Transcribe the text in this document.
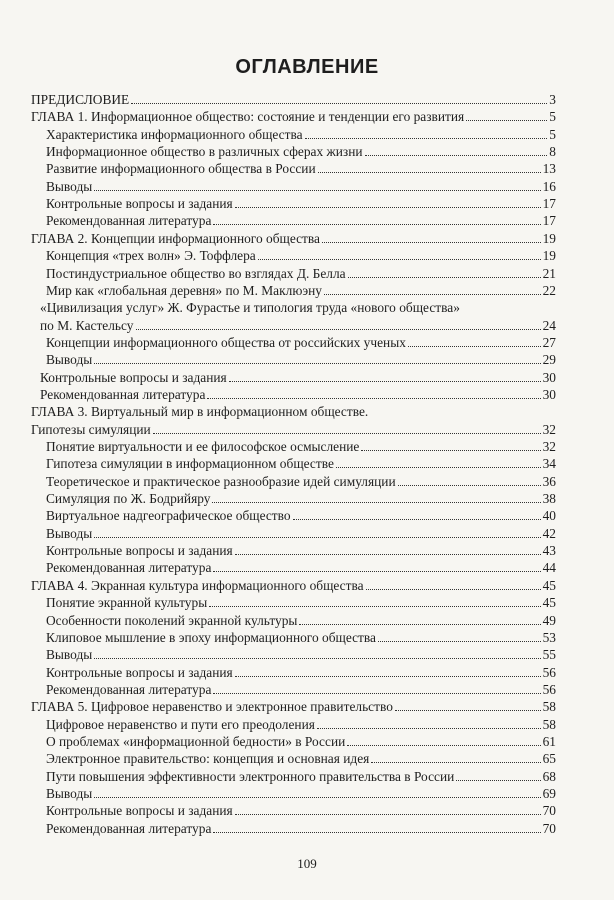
ОГЛАВЛЕНИЕ
ПРЕДИСЛОВИЕ	3
ГЛАВА 1. Информационное общество: состояние и тенденции его развития	5
Характеристика информационного общества	5
Информационное общество в различных сферах жизни	8
Развитие информационного общества в России	13
Выводы	16
Контрольные вопросы и задания	17
Рекомендованная литература	17
ГЛАВА 2. Концепции информационного общества	19
Концепция «трех волн» Э. Тоффлера	19
Постиндустриальное общество во взглядах Д. Белла	21
Мир как «глобальная деревня» по М. Маклюэну	22
«Цивилизация услуг» Ж. Фурастье и типология труда «нового общества»
по М. Кастельсу	24
Концепции информационного общества от российских ученых	27
Выводы	29
Контрольные вопросы и задания	30
Рекомендованная литература	30
ГЛАВА 3. Виртуальный мир в информационном обществе.
Гипотезы симуляции	32
Понятие виртуальности и ее философское осмысление	32
Гипотеза симуляции в информационном обществе	34
Теоретическое и практическое разнообразие идей симуляции	36
Симуляция по Ж. Бодрийяру	38
Виртуальное надгеографическое общество	40
Выводы	42
Контрольные вопросы и задания	43
Рекомендованная литература	44
ГЛАВА 4. Экранная культура информационного общества	45
Понятие экранной культуры	45
Особенности поколений экранной культуры	49
Клиповое мышление в эпоху информационного общества	53
Выводы	55
Контрольные вопросы и задания	56
Рекомендованная литература	56
ГЛАВА 5. Цифровое неравенство и электронное правительство	58
Цифровое неравенство и пути его преодоления	58
О проблемах «информационной бедности» в России	61
Электронное правительство: концепция и основная идея	65
Пути повышения эффективности электронного правительства в России	68
Выводы	69
Контрольные вопросы и задания	70
Рекомендованная литература	70
109
